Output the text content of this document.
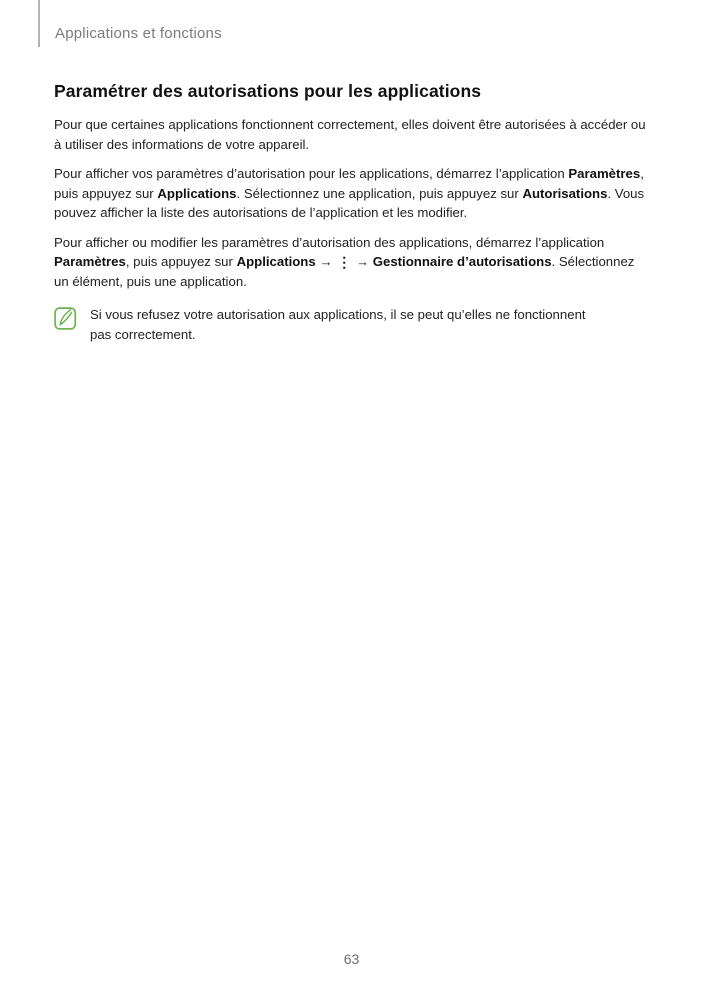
Applications et fonctions
Paramétrer des autorisations pour les applications

Pour que certaines applications fonctionnent correctement, elles doivent être autorisées à accéder ou à utiliser des informations de votre appareil.

Pour afficher vos paramètres d’autorisation pour les applications, démarrez l’application Paramètres, puis appuyez sur Applications. Sélectionnez une application, puis appuyez sur Autorisations. Vous pouvez afficher la liste des autorisations de l’application et les modifier.

Pour afficher ou modifier les paramètres d’autorisation des applications, démarrez l’application Paramètres, puis appuyez sur Applications → ⋮ → Gestionnaire d’autorisations. Sélectionnez un élément, puis une application.

Si vous refusez votre autorisation aux applications, il se peut qu’elles ne fonctionnent pas correctement.
63
